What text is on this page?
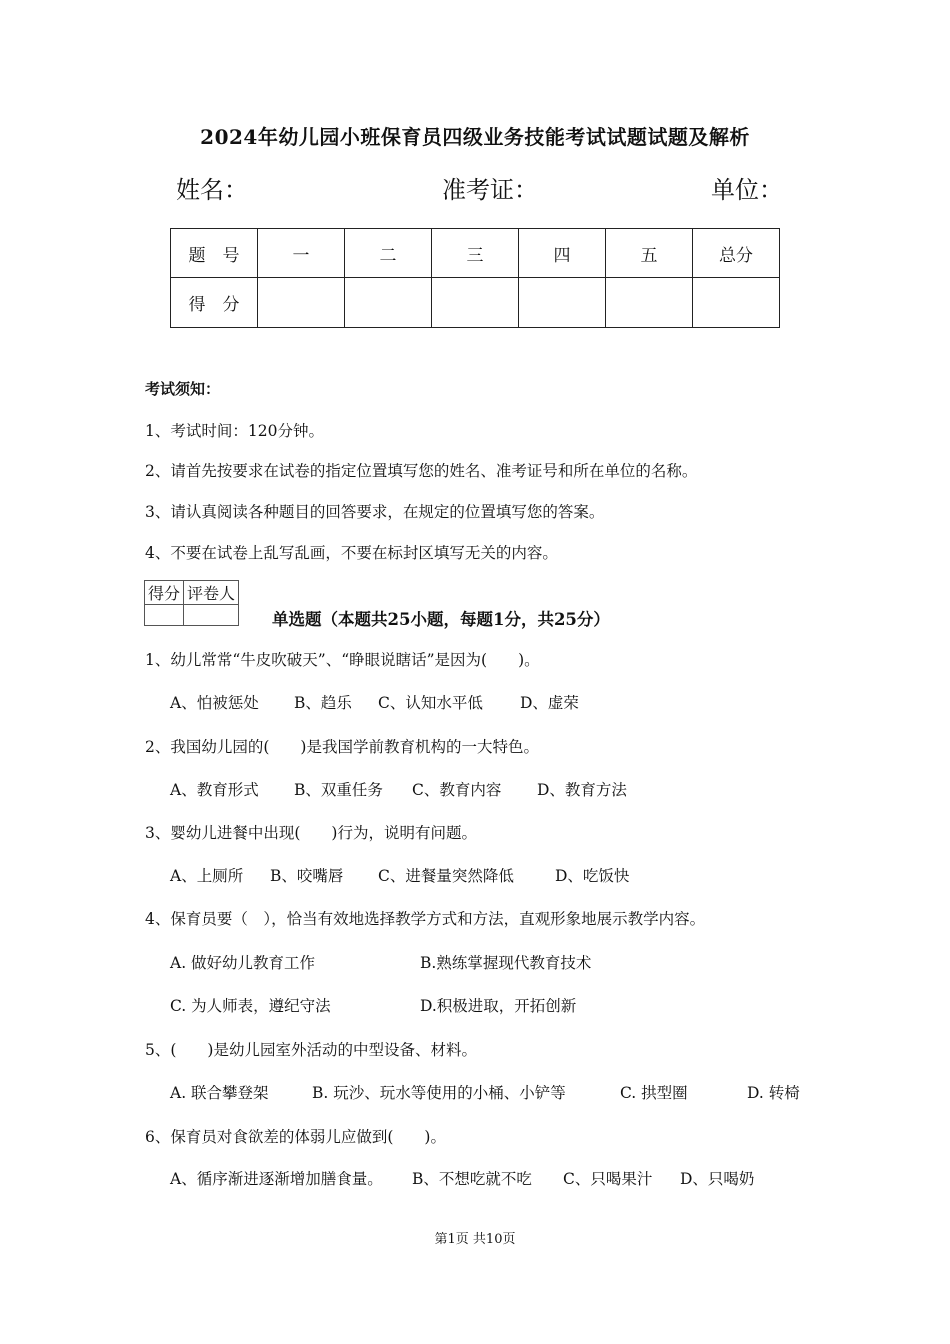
2024年幼儿园小班保育员四级业务技能考试试题试题及解析
姓名：	准考证：	单位：
题　号	一	二	三	四	五	总分
得　分						
考试须知：
1、考试时间：120分钟。
2、请首先按要求在试卷的指定位置填写您的姓名、准考证号和所在单位的名称。
3、请认真阅读各种题目的回答要求，在规定的位置填写您的答案。
4、不要在试卷上乱写乱画，不要在标封区填写无关的内容。
得分	评卷人

单选题（本题共25小题，每题1分，共25分）
1、幼儿常常“牛皮吹破天”、“睁眼说瞎话”是因为(　　)。
A、怕被惩处 B、趋乐 C、认知水平低 D、虚荣
2、我国幼儿园的(　　)是我国学前教育机构的一大特色。
A、教育形式 B、双重任务 C、教育内容 D、教育方法
3、婴幼儿进餐中出现(　　)行为，说明有问题。
A、上厕所 B、咬嘴唇 C、进餐量突然降低	D、吃饭快
4、保育员要（　），恰当有效地选择教学方式和方法，直观形象地展示教学内容。
A. 做好幼儿教育工作	B.熟练掌握现代教育技术
C. 为人师表，遵纪守法	D.积极进取，开拓创新
5、(　　)是幼儿园室外活动的中型设备、材料。
A. 联合攀登架	B. 玩沙、玩水等使用的小桶、小铲等	C. 拱型圈	D. 转椅
6、保育员对食欲差的体弱儿应做到(　　)。
A、循序渐进逐渐增加膳食量。 B、不想吃就不吃 C、只喝果汁 D、只喝奶
第1页 共10页
